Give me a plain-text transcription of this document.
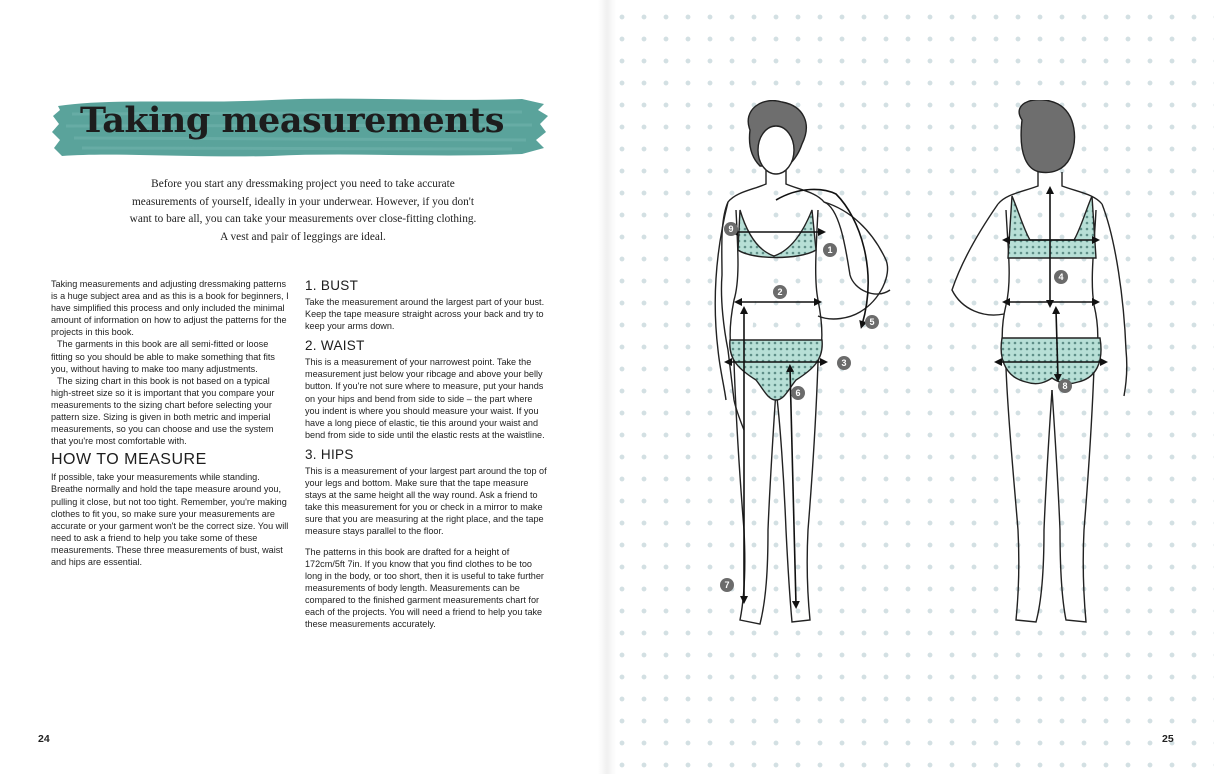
Taking measurements
Before you start any dressmaking project you need to take accurate measurements of yourself, ideally in your underwear. However, if you don't want to bare all, you can take your measurements over close-fitting clothing. A vest and pair of leggings are ideal.

Taking measurements and adjusting dressmaking patterns is a huge subject area and as this is a book for beginners, I have simplified this process and only included the minimal amount of information on how to adjust the patterns for the projects in this book.

The garments in this book are all semi-fitted or loose fitting so you should be able to make something that fits you, without having to make too many adjustments.

The sizing chart in this book is not based on a typical high-street size so it is important that you compare your measurements to the sizing chart before selecting your pattern size. Sizing is given in both metric and imperial measurements, so you can choose and use the system that you're most comfortable with.

HOW TO MEASURE

If possible, take your measurements while standing. Breathe normally and hold the tape measure around you, pulling it close, but not too tight. Remember, you're making clothes to fit you, so make sure your measurements are accurate or your garment won't be the correct size. You will need to ask a friend to help you take some of these measurements. These three measurements of bust, waist and hips are essential.

1. BUST

Take the measurement around the largest part of your bust. Keep the tape measure straight across your back and try to keep your arms down.

2. WAIST

This is a measurement of your narrowest point. Take the measurement just below your ribcage and above your belly button. If you're not sure where to measure, put your hands on your hips and bend from side to side – the part where you indent is where you should measure your waist. If you have a long piece of elastic, tie this around your waist and bend from side to side until the elastic rests at the waistline.

3. HIPS

This is a measurement of your largest part around the top of your legs and bottom. Make sure that the tape measure stays at the same height all the way round. Ask a friend to take this measurement for you or check in a mirror to make sure that you are measuring at the right place, and the tape measure stays parallel to the floor.

The patterns in this book are drafted for a height of 172cm/5ft 7in. If you know that you find clothes to be too long in the body, or too short, then it is useful to take further measurements of body length. Measurements can be compared to the finished garment measurements chart for each of the projects. You will need a friend to help you take these measurements accurately.

24	25
1
2
3
4
5
6
7
8
9
